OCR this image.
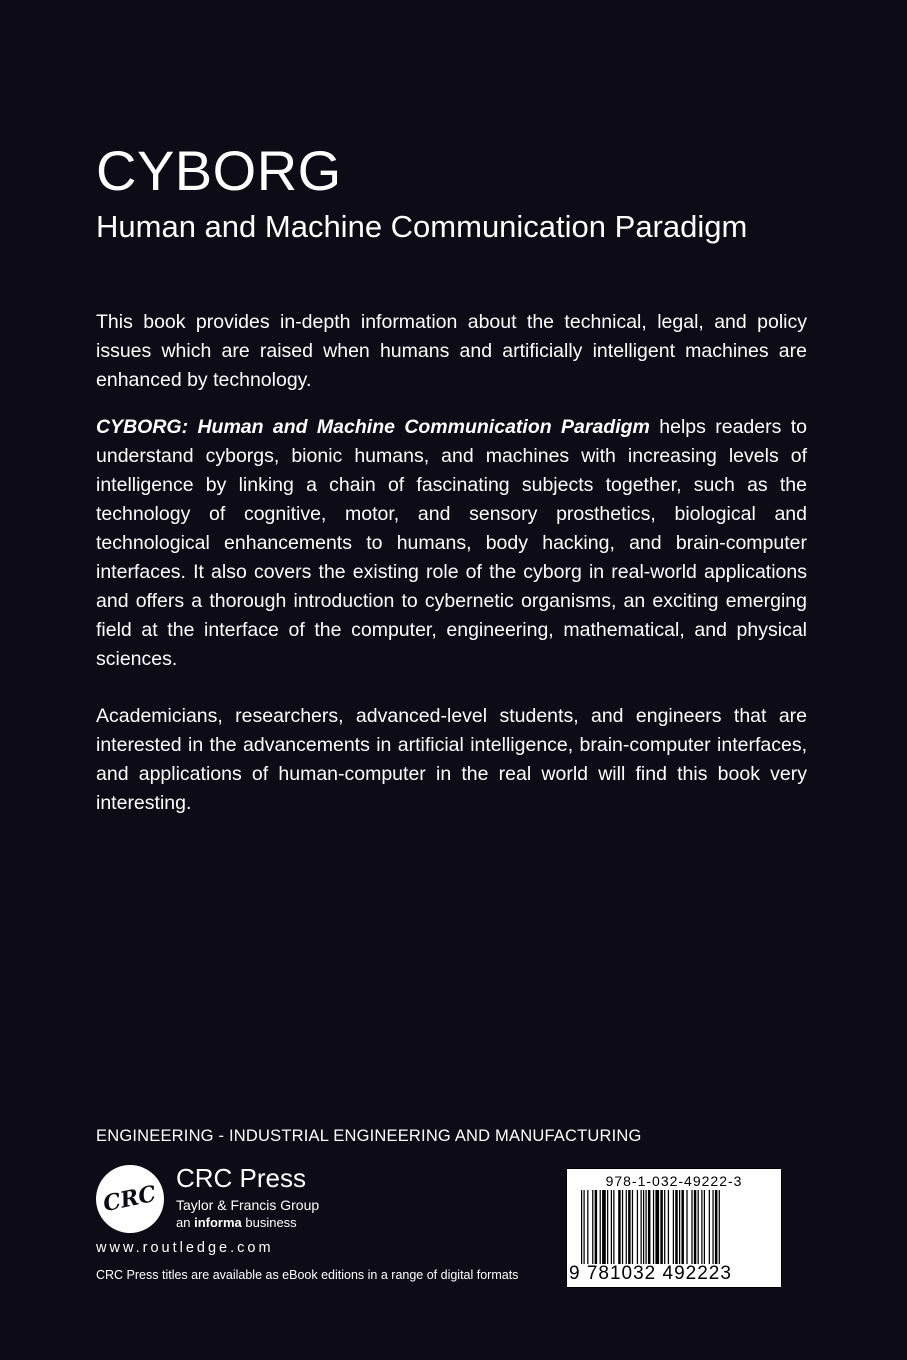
CYBORG
Human and Machine Communication Paradigm

This book provides in-depth information about the technical, legal, and policy issues which are raised when humans and artificially intelligent machines are enhanced by technology.

CYBORG: Human and Machine Communication Paradigm helps readers to understand cyborgs, bionic humans, and machines with increasing levels of intelligence by linking a chain of fascinating subjects together, such as the technology of cognitive, motor, and sensory prosthetics, biological and technological enhancements to humans, body hacking, and brain-computer interfaces. It also covers the existing role of the cyborg in real-world applications and offers a thorough introduction to cybernetic organisms, an exciting emerging field at the interface of the computer, engineering, mathematical, and physical sciences.

Academicians, researchers, advanced-level students, and engineers that are interested in the advancements in artificial intelligence, brain-computer interfaces, and applications of human-computer in the real world will find this book very interesting.

ENGINEERING - INDUSTRIAL ENGINEERING AND MANUFACTURING
CRC
CRC Press
Taylor & Francis Group
an informa business
www.routledge.com
CRC Press titles are available as eBook editions in a range of digital formats
978-1-032-49222-3
9 781032 492223
